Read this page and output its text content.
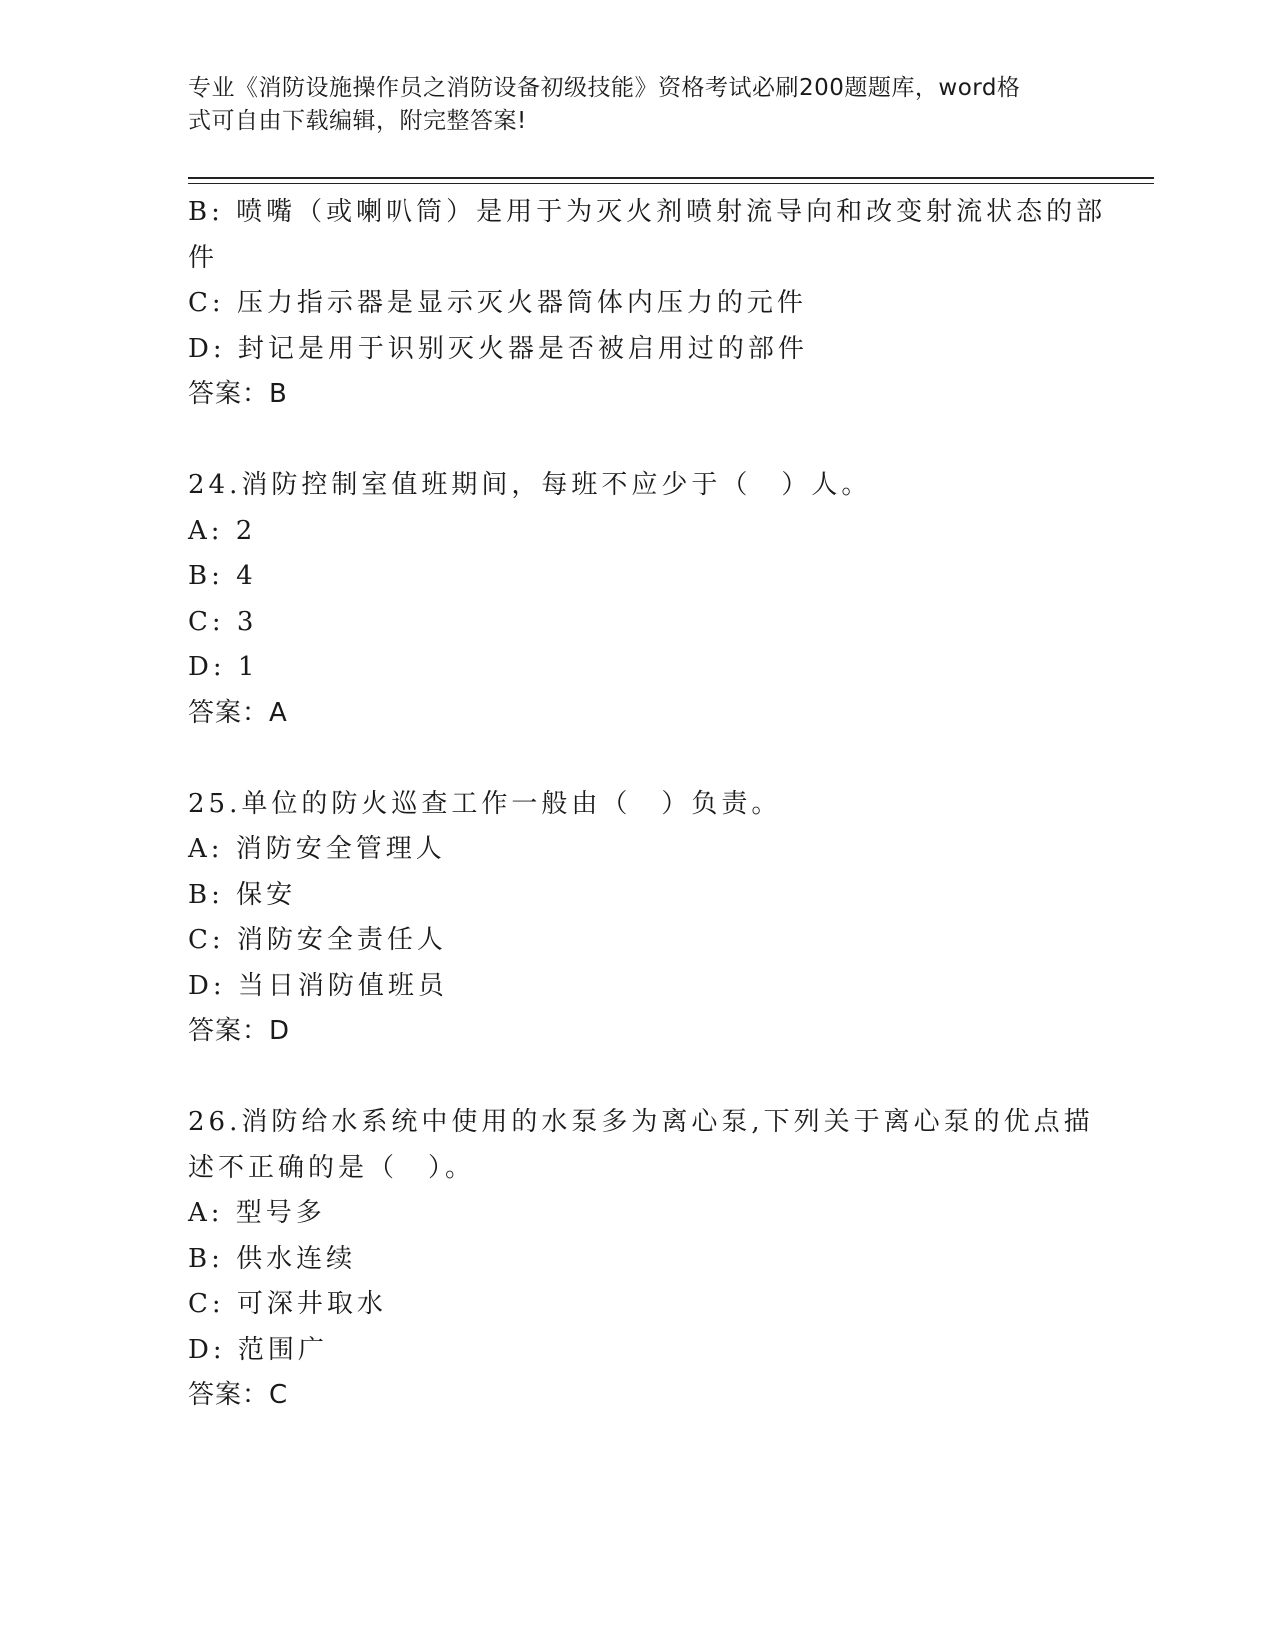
专业《消防设施操作员之消防设备初级技能》资格考试必刷200题题库，word格
式可自由下载编辑，附完整答案!
B: 喷嘴（或喇叭筒）是用于为灭火剂喷射流导向和改变射流状态的部
件
C: 压力指示器是显示灭火器筒体内压力的元件
D: 封记是用于识别灭火器是否被启用过的部件
答案：B
24.消防控制室值班期间，每班不应少于（　）人。
A: 2
B: 4
C: 3
D: 1
答案：A
25.单位的防火巡查工作一般由（　）负责。
A: 消防安全管理人
B: 保安
C: 消防安全责任人
D: 当日消防值班员
答案：D
26.消防给水系统中使用的水泵多为离心泵,下列关于离心泵的优点描
述不正确的是（　）。
A: 型号多
B: 供水连续
C: 可深井取水
D: 范围广
答案：C
